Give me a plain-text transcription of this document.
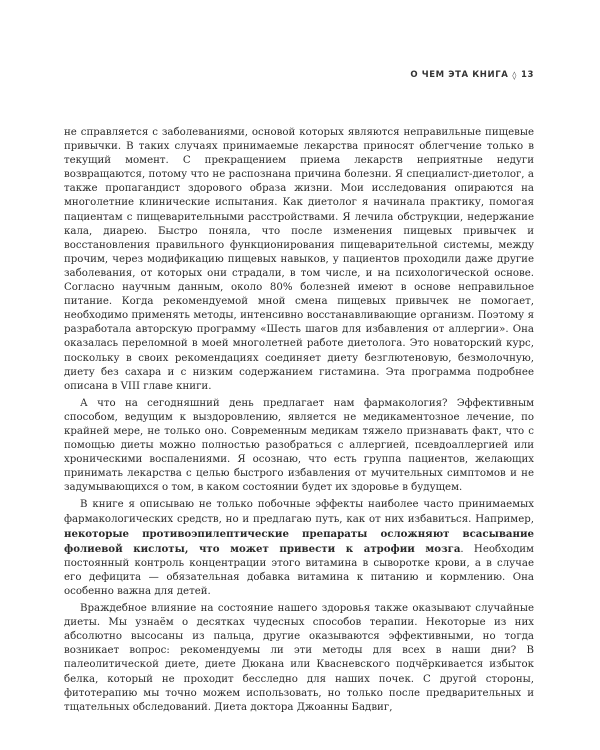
О ЧЕМ ЭТА КНИГА ◊ 13

не справляется с заболеваниями, основой которых являются неправильные пищевые привычки. В таких случаях принимаемые лекарства приносят облегчение только в текущий момент. С прекращением приема лекарств неприятные недуги возвращаются, потому что не распознана причина болезни. Я специалист-диетолог, а также пропагандист здорового образа жизни. Мои исследования опираются на многолетние клинические испытания. Как диетолог я начинала практику, помогая пациентам с пищеварительными расстройствами. Я лечила обструкции, недержание кала, диарею. Быстро поняла, что после изменения пищевых привычек и восстановления правильного функционирования пищеварительной системы, между прочим, через модификацию пищевых навыков, у пациентов проходили даже другие заболевания, от которых они страдали, в том числе, и на психологической основе. Согласно научным данным, около 80% болезней имеют в основе неправильное питание. Когда рекомендуемой мной смена пищевых привычек не помогает, необходимо применять методы, интенсивно восстанавливающие организм. Поэтому я разработала авторскую программу «Шесть шагов для избавления от аллергии». Она оказалась переломной в моей многолетней работе диетолога. Это новаторский курс, поскольку в своих рекомендациях соединяет диету безглютеновую, безмолочную, диету без сахара и с низким содержанием гистамина. Эта программа подробнее описана в VIII главе книги.

А что на сегодняшний день предлагает нам фармакология? Эффективным способом, ведущим к выздоровлению, является не медикаментозное лечение, по крайней мере, не только оно. Современным медикам тяжело признавать факт, что с помощью диеты можно полностью разобраться с аллергией, псевдоаллергией или хроническими воспалениями. Я осознаю, что есть группа пациентов, желающих принимать лекарства с целью быстрого избавления от мучительных симптомов и не задумывающихся о том, в каком состоянии будет их здоровье в будущем.

В книге я описываю не только побочные эффекты наиболее часто принимаемых фармакологических средств, но и предлагаю путь, как от них избавиться. Например, некоторые противоэпилептические препараты осложняют всасывание фолиевой кислоты, что может привести к атрофии мозга. Необходим постоянный контроль концентрации этого витамина в сыворотке крови, а в случае его дефицита — обязательная добавка витамина к питанию и кормлению. Она особенно важна для детей.

Враждебное влияние на состояние нашего здоровья также оказывают случайные диеты. Мы узнаём о десятках чудесных способов терапии. Некоторые из них абсолютно высосаны из пальца, другие оказываются эффективными, но тогда возникает вопрос: рекомендуемы ли эти методы для всех в наши дни? В палеолитической диете, диете Дюкана или Квасневского подчёркивается избыток белка, который не проходит бесследно для наших почек. С другой стороны, фитотерапию мы точно можем использовать, но только после предварительных и тщательных обследований. Диета доктора Джоанны Бадвиг,
